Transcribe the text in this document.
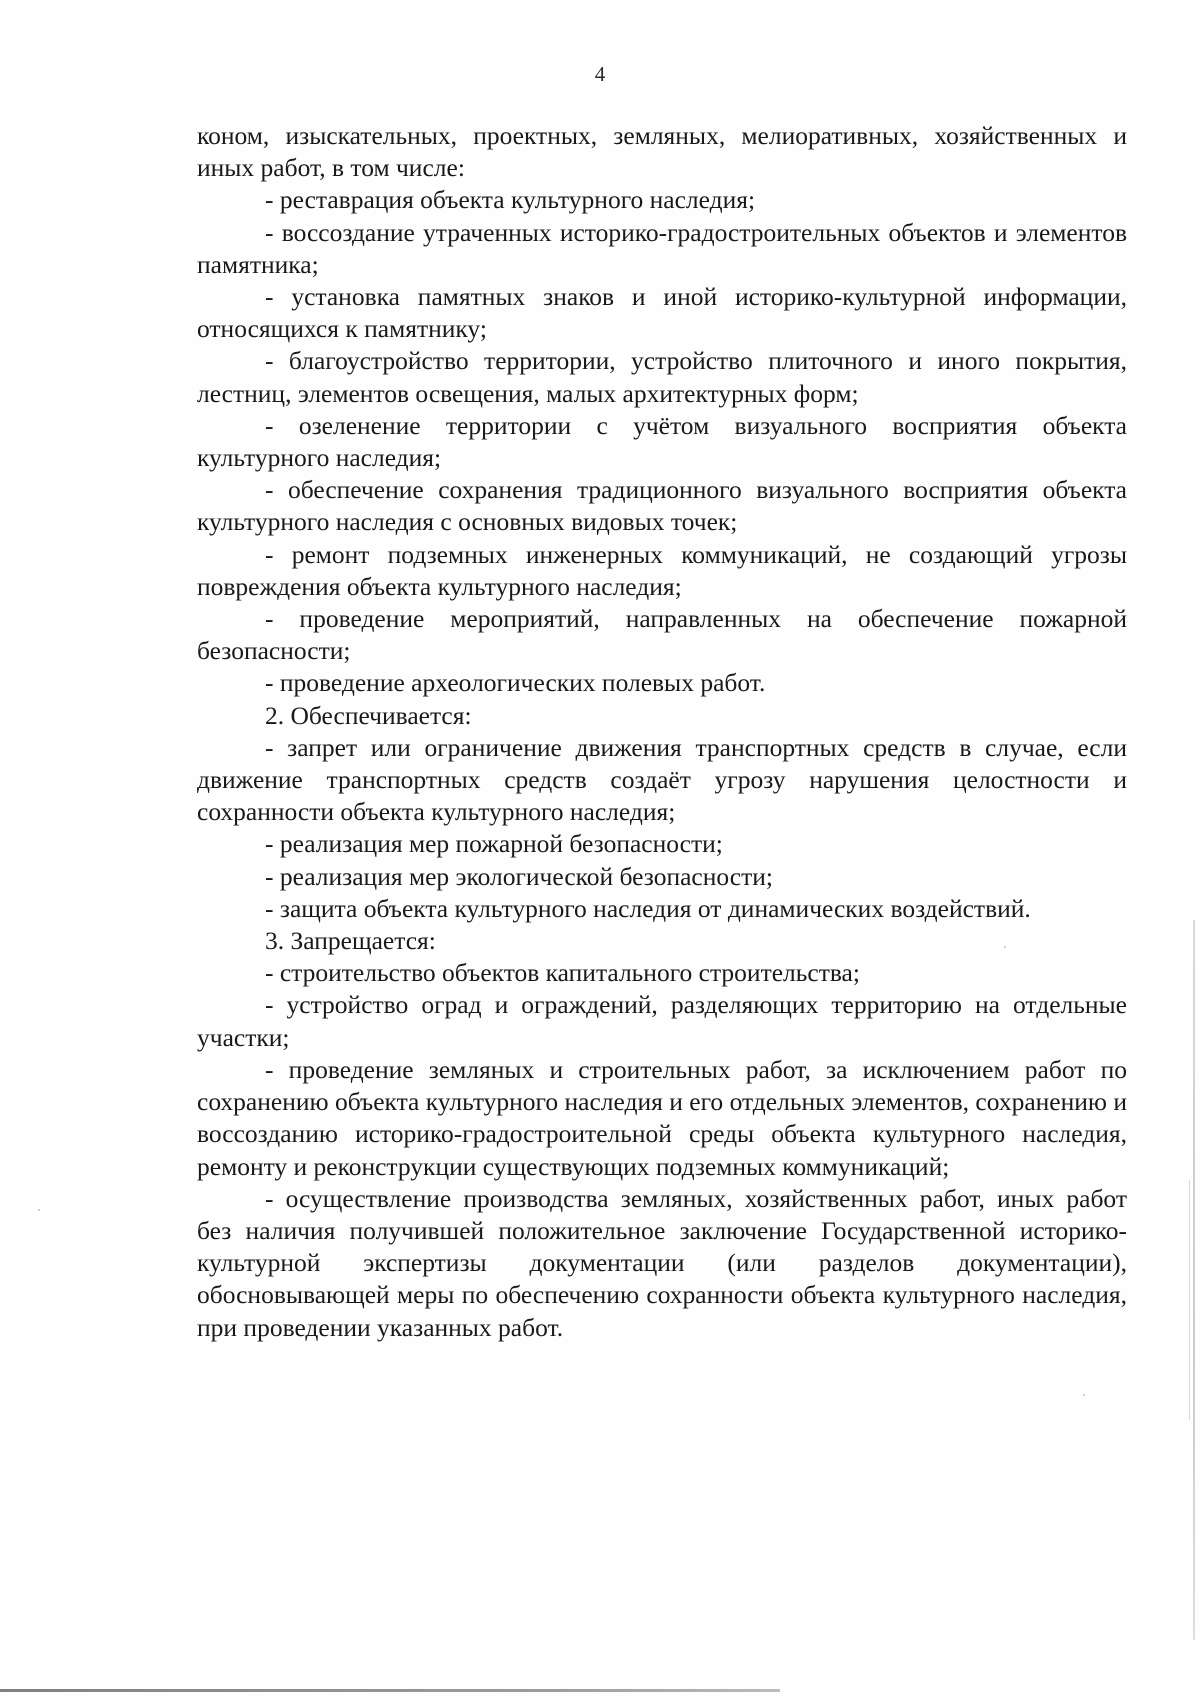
4

коном, изыскательных, проектных, земляных, мелиоративных, хозяйственных и иных работ, в том числе:

- реставрация объекта культурного наследия;

- воссоздание утраченных историко-градостроительных объектов и элементов памятника;

- установка памятных знаков и иной историко-культурной информации, относящихся к памятнику;

- благоустройство территории, устройство плиточного и иного покрытия, лестниц, элементов освещения, малых архитектурных форм;

- озеленение территории с учётом визуального восприятия объекта культурного наследия;

- обеспечение сохранения традиционного визуального восприятия объекта культурного наследия с основных видовых точек;

- ремонт подземных инженерных коммуникаций, не создающий угрозы повреждения объекта культурного наследия;

- проведение мероприятий, направленных на обеспечение пожарной безопасности;

- проведение археологических полевых работ.

2. Обеспечивается:

- запрет или ограничение движения транспортных средств в случае, если движение транспортных средств создаёт угрозу нарушения целостности и сохранности объекта культурного наследия;

- реализация мер пожарной безопасности;

- реализация мер экологической безопасности;

- защита объекта культурного наследия от динамических воздействий.

3. Запрещается:

- строительство объектов капитального строительства;

- устройство оград и ограждений, разделяющих территорию на отдельные участки;

- проведение земляных и строительных работ, за исключением работ по сохранению объекта культурного наследия и его отдельных элементов, сохранению и воссозданию историко-градостроительной среды объекта культурного наследия, ремонту и реконструкции существующих подземных коммуникаций;

- осуществление производства земляных, хозяйственных работ, иных работ без наличия получившей положительное заключение Государственной историко-культурной экспертизы документации (или разделов документации), обосновывающей меры по обеспечению сохранности объекта культурного наследия, при проведении указанных работ.
